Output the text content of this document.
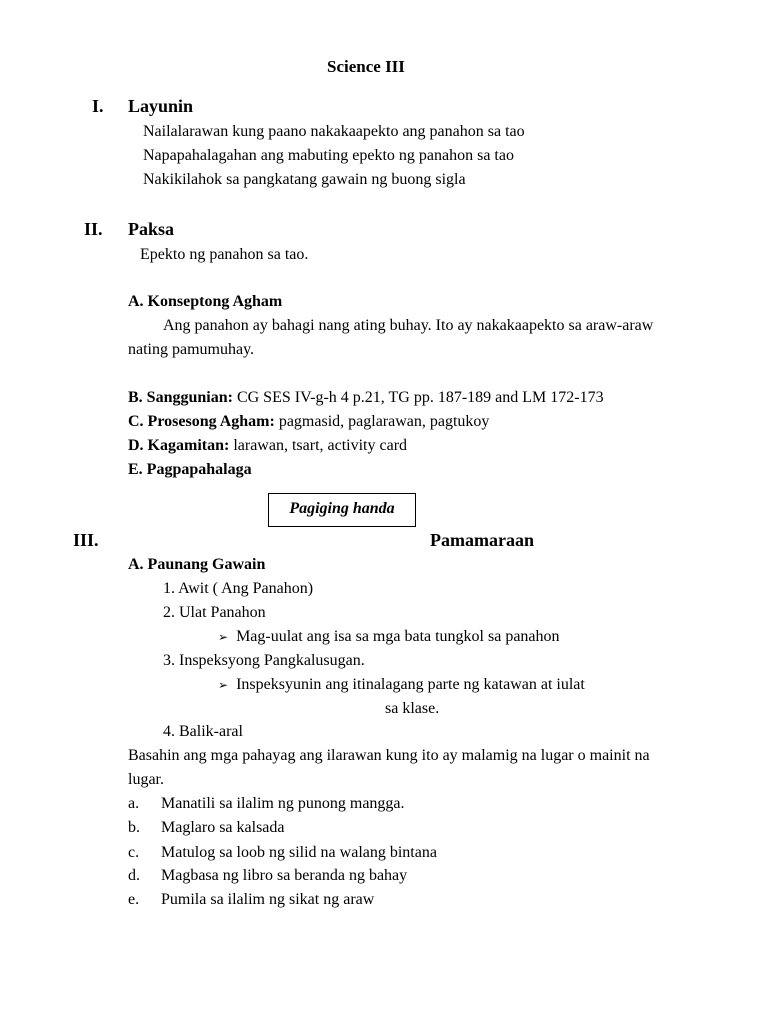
Science III
I. Layunin
Nailalarawan kung paano nakakaapekto ang panahon sa tao
Napapahalagahan ang mabuting epekto ng panahon sa tao
Nakikilahok sa pangkatang gawain ng buong sigla
II. Paksa
Epekto ng panahon sa tao.
A. Konseptong Agham
Ang panahon ay bahagi nang ating buhay. Ito ay nakakaapekto sa araw-araw
nating pamumuhay.
B. Sanggunian: CG SES IV-g-h 4 p.21, TG pp. 187-189 and LM 172-173
C. Prosesong Agham: pagmasid, paglarawan, pagtukoy
D. Kagamitan: larawan, tsart, activity card
E. Pagpapahalaga
Pagiging handa
III.	Pamamaraan
A. Paunang Gawain
1. Awit ( Ang Panahon)
2. Ulat Panahon
➢ Mag-uulat ang isa sa mga bata tungkol sa panahon
3. Inspeksyong Pangkalusugan.
➢ Inspeksyunin ang itinalagang parte ng katawan at iulat
sa klase.
4. Balik-aral
Basahin ang mga pahayag ang ilarawan kung ito ay malamig na lugar o mainit na
lugar.
a. Manatili sa ilalim ng punong mangga.
b. Maglaro sa kalsada
c. Matulog sa loob ng silid na walang bintana
d. Magbasa ng libro sa beranda ng bahay
e. Pumila sa ilalim ng sikat ng araw
